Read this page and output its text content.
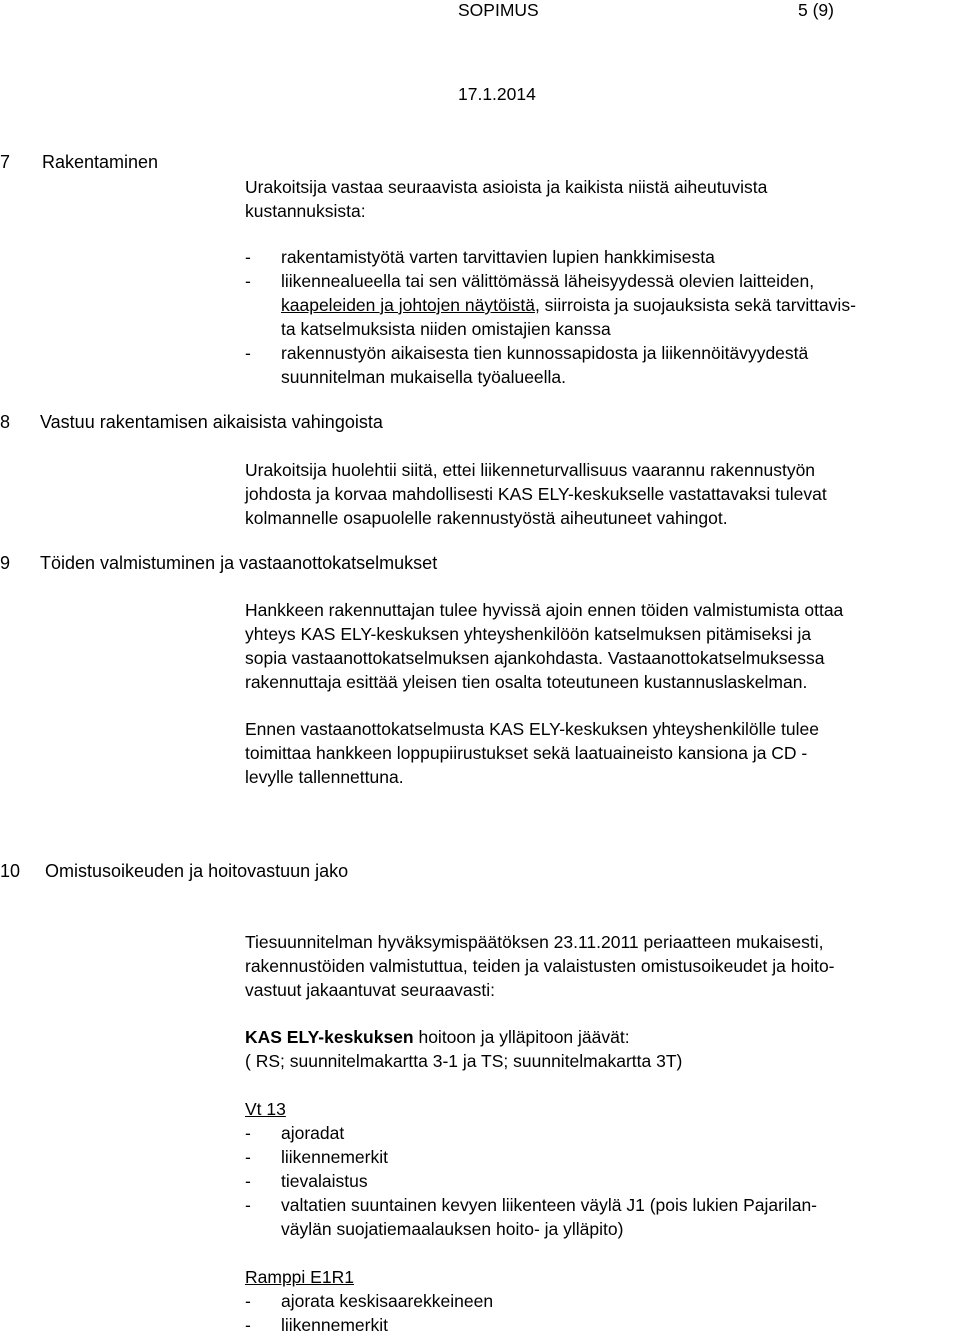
SOPIMUS	5 (9)
17.1.2014
7 Rakentaminen
Urakoitsija vastaa seuraavista asioista ja kaikista niistä aiheutuvista
kustannuksista:
- rakentamistyötä varten tarvittavien lupien hankkimisesta
- liikennealueella tai sen välittömässä läheisyydessä olevien laitteiden,
kaapeleiden ja johtojen näytöistä, siirroista ja suojauksista sekä tarvittavis-
ta katselmuksista niiden omistajien kanssa
- rakennustyön aikaisesta tien kunnossapidosta ja liikennöitävyydestä
suunnitelman mukaisella työalueella.
8 Vastuu rakentamisen aikaisista vahingoista
Urakoitsija huolehtii siitä, ettei liikenneturvallisuus vaarannu rakennustyön
johdosta ja korvaa mahdollisesti KAS ELY-keskukselle vastattavaksi tulevat
kolmannelle osapuolelle rakennustyöstä aiheutuneet vahingot.
9 Töiden valmistuminen ja vastaanottokatselmukset
Hankkeen rakennuttajan tulee hyvissä ajoin ennen töiden valmistumista ottaa
yhteys KAS ELY-keskuksen yhteyshenkilöön katselmuksen pitämiseksi ja
sopia vastaanottokatselmuksen ajankohdasta. Vastaanottokatselmuksessa
rakennuttaja esittää yleisen tien osalta toteutuneen kustannuslaskelman.
Ennen vastaanottokatselmusta KAS ELY-keskuksen yhteyshenkilölle tulee
toimittaa hankkeen loppupiirustukset sekä laatuaineisto kansiona ja CD -
levylle tallennettuna.
10 Omistusoikeuden ja hoitovastuun jako
Tiesuunnitelman hyväksymispäätöksen 23.11.2011 periaatteen mukaisesti,
rakennustöiden valmistuttua, teiden ja valaistusten omistusoikeudet ja hoito-
vastuut jakaantuvat seuraavasti:
KAS ELY-keskuksen hoitoon ja ylläpitoon jäävät:
( RS; suunnitelmakartta 3-1 ja TS; suunnitelmakartta 3T)
Vt 13
- ajoradat
- liikennemerkit
- tievalaistus
- valtatien suuntainen kevyen liikenteen väylä J1 (pois lukien Pajarilan-
väylän suojatiemaalauksen hoito- ja ylläpito)
Ramppi E1R1
- ajorata keskisaarekkeineen
- liikennemerkit
